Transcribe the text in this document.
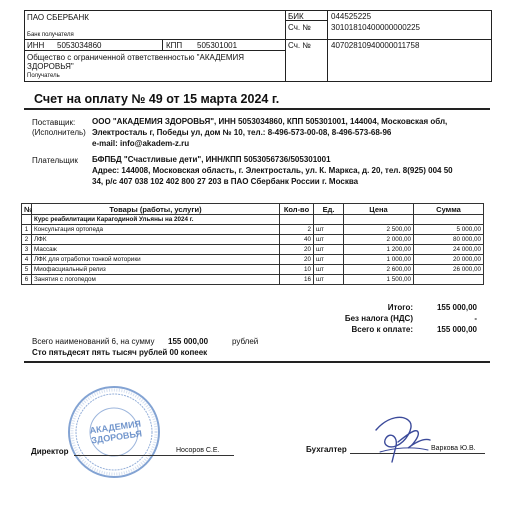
ПАО СБЕРБАНК
Банк получателя
БИК	044525225
Сч. №	30101810400000000225
ИНН 5053034860	КПП 505301001	Сч. №	40702810940000011758
Общество с ограниченной ответственностью "АКАДЕМИЯ ЗДОРОВЬЯ"
Получатель
Счет на оплату № 49 от 15 марта 2024 г.
Поставщик:
(Исполнитель)
ООО "АКАДЕМИЯ ЗДОРОВЬЯ", ИНН 5053034860, КПП 505301001, 144004, Московская обл,
Электросталь г, Победы ул, дом № 10, тел.: 8-496-573-00-08, 8-496-573-68-96
e-mail: info@akadem-z.ru
Плательщик БФПБД "Счастливые дети", ИНН/КПП 5053056736/505301001
Адрес: 144008, Московская область, г. Электросталь, ул. К. Маркса, д. 20, тел. 8(925) 004 50
34, р/с 407 038 102 402 800 27 203 в ПАО Сбербанк России г. Москва
№	Товары (работы, услуги)	Кол-во	Ед.	Цена	Сумма
	Курс реабилитации Карагодиной Ульяны на 2024 г.				
1	Консультация ортопеда	2	шт	2 500,00	5 000,00
2	ЛФК	40	шт	2 000,00	80 000,00
3	Массаж	20	шт	1 200,00	24 000,00
4	ЛФК для отработки тонкой моторики	20	шт	1 000,00	20 000,00
5	Миофасциальный релиз	10	шт	2 600,00	26 000,00
6	Занятия с логопедом	16	шт	1 500,00	
Итого:	155 000,00
Без налога (НДС)	-
Всего к оплате:	155 000,00
Всего наименований 6, на сумму 155 000,00	рублей
Сто пятьдесят пять тысяч рублей 00 копеек
АКАДЕМИЯ ЗДОРОВЬЯ
Директор	Носоров С.Е.	Бухгалтер	Варкова Ю.В.
